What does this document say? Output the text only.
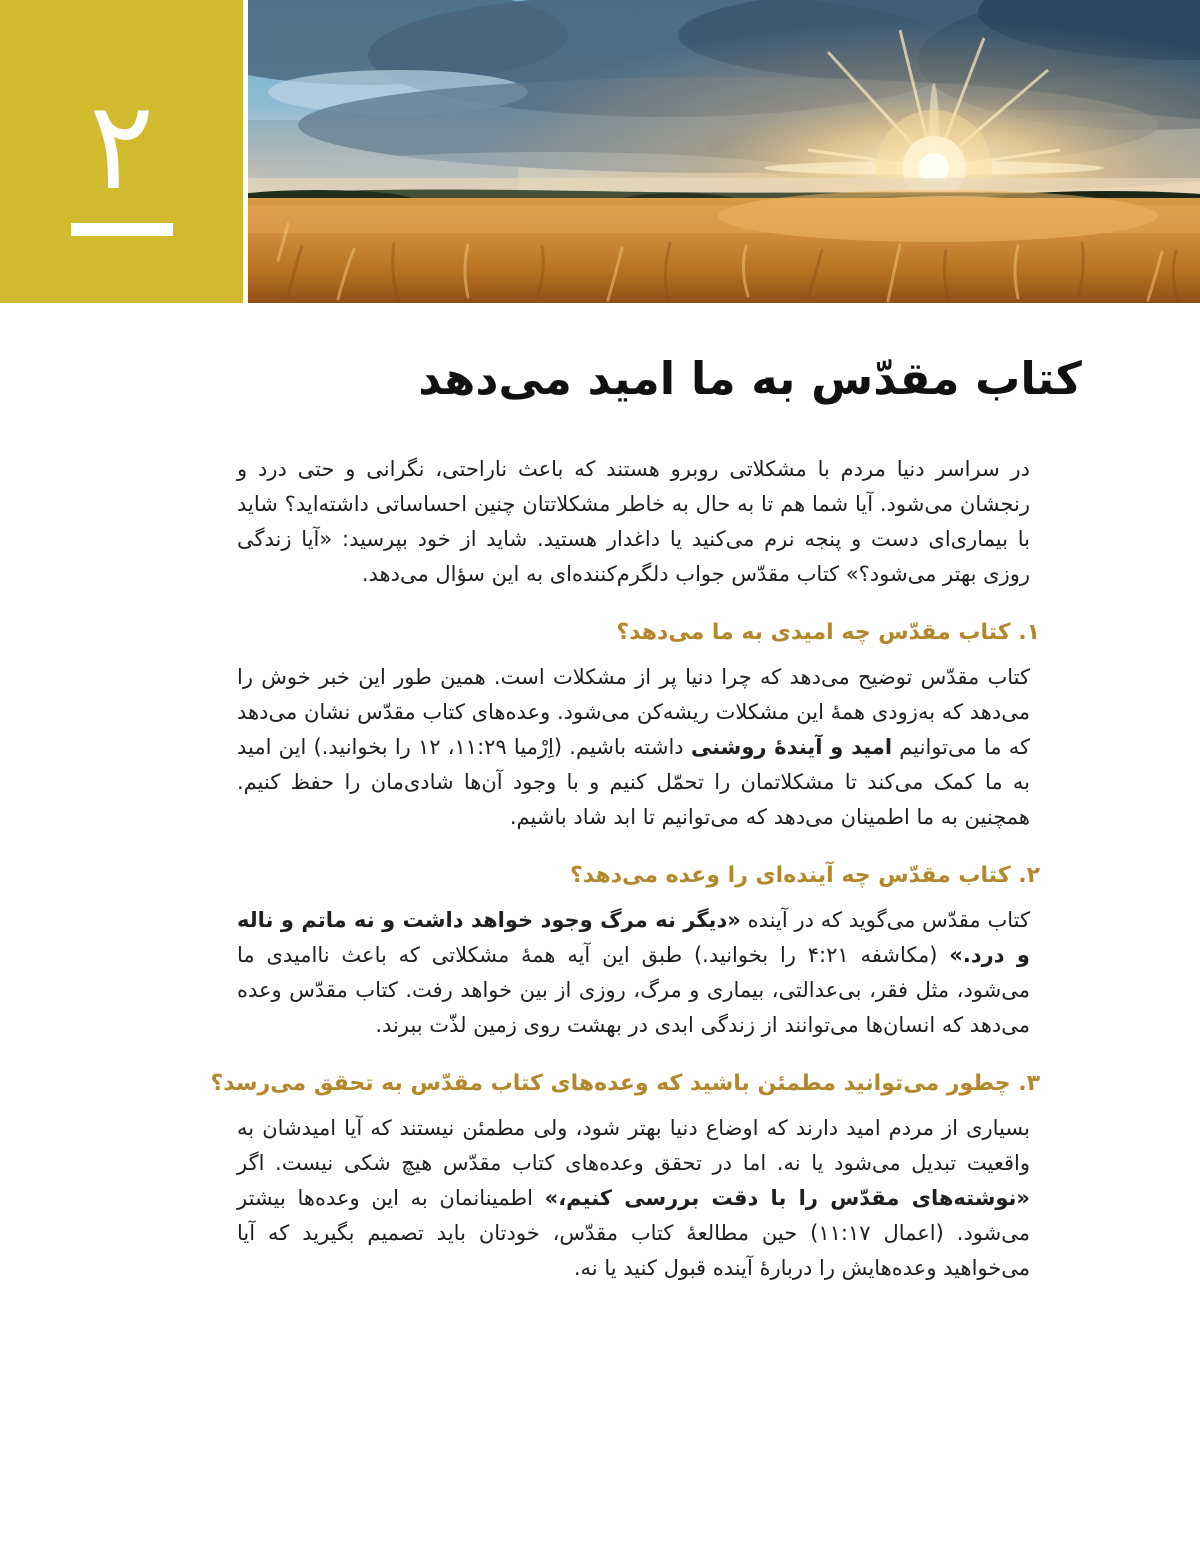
۲
کتاب مقدّس به ما امید می‌دهد

در سراسر دنیا مردم با مشکلاتی روبرو هستند که باعث ناراحتی، نگرانی و حتی درد و رنجشان می‌شود. آیا شما هم تا به حال به خاطر مشکلاتتان چنین احساساتی داشته‌اید؟ شاید با بیماری‌ای دست و پنجه نرم می‌کنید یا داغدار هستید. شاید از خود بپرسید: «آیا زندگی روزی بهتر می‌شود؟» کتاب مقدّس جواب دلگرم‌کننده‌ای به این سؤال می‌دهد.

۱. کتاب مقدّس چه امیدی به ما می‌دهد؟

کتاب مقدّس توضیح می‌دهد که چرا دنیا پر از مشکلات است. همین طور این خبر خوش را می‌دهد که به‌زودی همهٔ این مشکلات ریشه‌کن می‌شود. وعده‌های کتاب مقدّس نشان می‌دهد که ما می‌توانیم امید و آیندهٔ روشنی داشته باشیم. (اِرْمیا ۱۱:۲۹، ۱۲ را بخوانید.) این امید به ما کمک می‌کند تا مشکلاتمان را تحمّل کنیم و با وجود آن‌ها شادی‌مان را حفظ کنیم. همچنین به ما اطمینان می‌دهد که می‌توانیم تا ابد شاد باشیم.

۲. کتاب مقدّس چه آینده‌ای را وعده می‌دهد؟

کتاب مقدّس می‌گوید که در آینده «دیگر نه مرگ وجود خواهد داشت و نه ماتم و ناله و درد.» (مکاشفه ۴:۲۱ را بخوانید.) طبق این آیه همهٔ مشکلاتی که باعث ناامیدی ما می‌شود، مثل فقر، بی‌عدالتی، بیماری و مرگ، روزی از بین خواهد رفت. کتاب مقدّس وعده می‌دهد که انسان‌ها می‌توانند از زندگی ابدی در بهشت روی زمین لذّت ببرند.

۳. چطور می‌توانید مطمئن باشید که وعده‌های کتاب مقدّس به تحقق می‌رسد؟

بسیاری از مردم امید دارند که اوضاع دنیا بهتر شود، ولی مطمئن نیستند که آیا امیدشان به واقعیت تبدیل می‌شود یا نه. اما در تحقق وعده‌های کتاب مقدّس هیچ شکی نیست. اگر «نوشته‌های مقدّس را با دقت بررسی کنیم،» اطمینانمان به این وعده‌ها بیشتر می‌شود. (اعمال ۱۱:۱۷) حین مطالعهٔ کتاب مقدّس، خودتان باید تصمیم بگیرید که آیا می‌خواهید وعده‌هایش را دربارهٔ آینده قبول کنید یا نه.
